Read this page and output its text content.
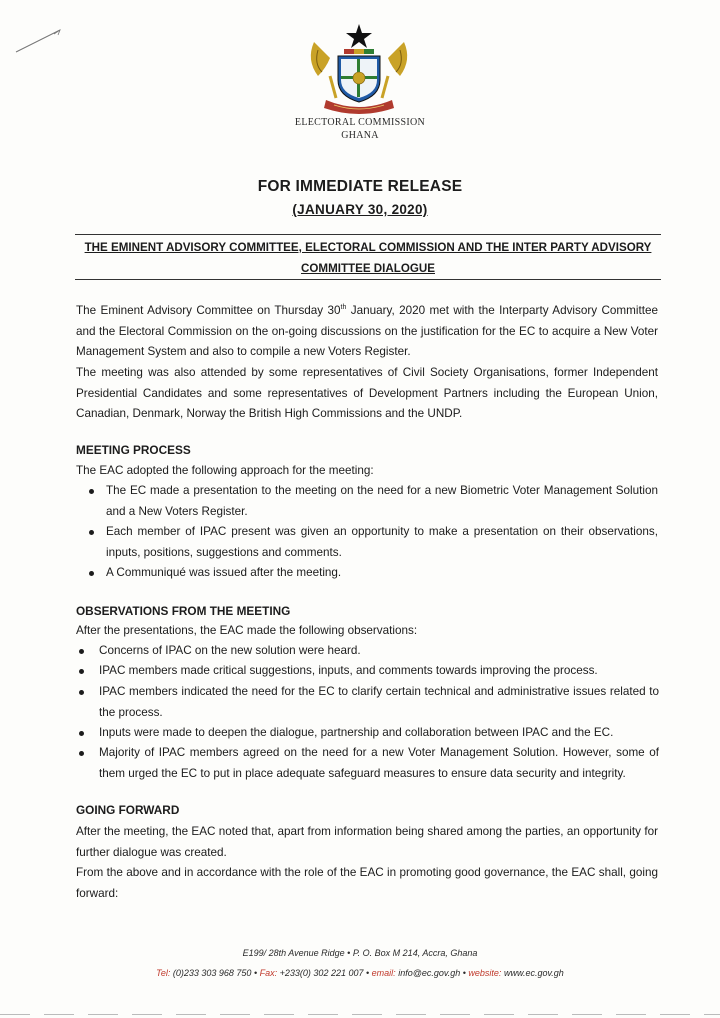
ELECTORAL COMMISSION
GHANA
FOR IMMEDIATE RELEASE
(JANUARY 30, 2020)
THE EMINENT ADVISORY COMMITTEE, ELECTORAL COMMISSION AND THE INTER PARTY ADVISORY
COMMITTEE DIALOGUE
The Eminent Advisory Committee on Thursday 30th January, 2020 met with the Interparty Advisory Committee and the Electoral Commission on the on-going discussions on the justification for the EC to acquire a New Voter Management System and also to compile a new Voters Register.
The meeting was also attended by some representatives of Civil Society Organisations, former Independent Presidential Candidates and some representatives of Development Partners including the European Union, Canadian, Denmark, Norway the British High Commissions and the UNDP.
MEETING PROCESS
The EAC adopted the following approach for the meeting:
The EC made a presentation to the meeting on the need for a new Biometric Voter Management Solution and a New Voters Register.
Each member of IPAC present was given an opportunity to make a presentation on their observations, inputs, positions, suggestions and comments.
A Communiqué was issued after the meeting.
OBSERVATIONS FROM THE MEETING
After the presentations, the EAC made the following observations:
Concerns of IPAC on the new solution were heard.
IPAC members made critical suggestions, inputs, and comments towards improving the process.
IPAC members indicated the need for the EC to clarify certain technical and administrative issues related to the process.
Inputs were made to deepen the dialogue, partnership and collaboration between IPAC and the EC.
Majority of IPAC members agreed on the need for a new Voter Management Solution. However, some of them urged the EC to put in place adequate safeguard measures to ensure data security and integrity.
GOING FORWARD
After the meeting, the EAC noted that, apart from information being shared among the parties, an opportunity for further dialogue was created.
From the above and in accordance with the role of the EAC in promoting good governance, the EAC shall, going forward:
E199/ 28th Avenue Ridge • P. O. Box M 214, Accra, Ghana
Tel: (0)233 303 968 750 • Fax: +233(0) 302 221 007 • email: info@ec.gov.gh • website: www.ec.gov.gh
